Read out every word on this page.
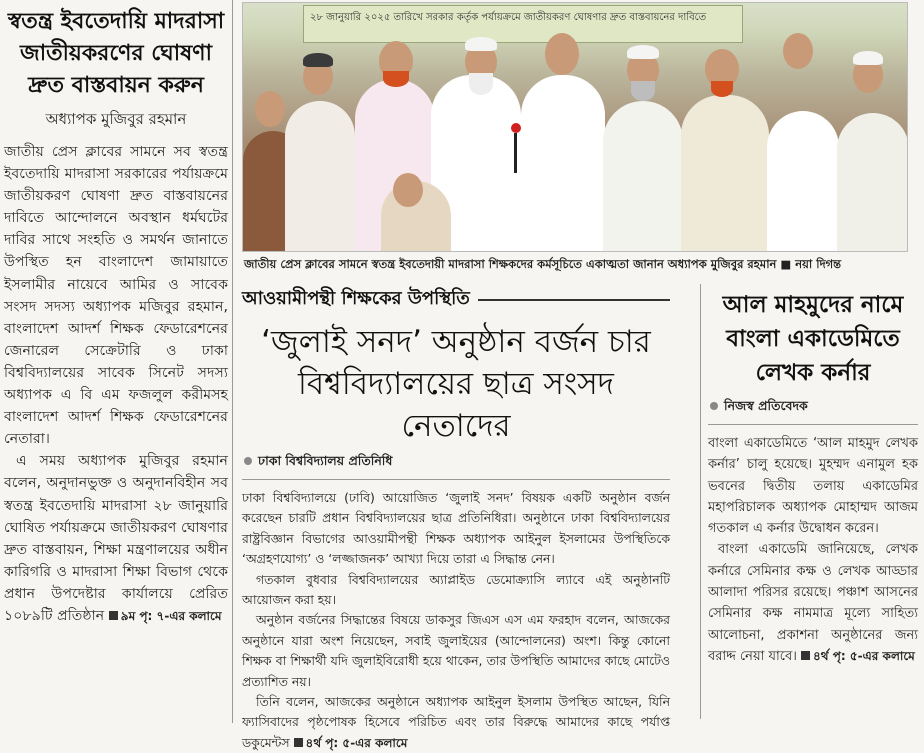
স্বতন্ত্র ইবতেদায়ি মাদরাসা জাতীয়করণের ঘোষণা দ্রুত বাস্তবায়ন করুন
অধ্যাপক মুজিবুর রহমান

জাতীয় প্রেস ক্লাবের সামনে সব স্বতন্ত্র ইবতেদায়ি মাদরাসা সরকারের পর্যায়ক্রমে জাতীয়করণ ঘোষণা দ্রুত বাস্তবায়নের দাবিতে আন্দোলনে অবস্থান ধর্মঘটের দাবির সাথে সংহতি ও সমর্থন জানাতে উপস্থিত হন বাংলাদেশ জামায়াতে ইসলামীর নায়েবে আমির ও সাবেক সংসদ সদস্য অধ্যাপক মজিবুর রহমান, বাংলাদেশ আদর্শ শিক্ষক ফেডারেশনের জেনারেল সেক্রেটারি ও ঢাকা বিশ্ববিদ্যালয়ের সাবেক সিনেট সদস্য অধ্যাপক এ বি এম ফজলুল করীমসহ বাংলাদেশ আদর্শ শিক্ষক ফেডারেশনের নেতারা।

এ সময় অধ্যাপক মুজিবুর রহমান বলেন, অনুদানভুক্ত ও অনুদানবিহীন সব স্বতন্ত্র ইবতেদায়ি মাদরাসা ২৮ জানুয়ারি ঘোষিত পর্যায়ক্রমে জাতীয়করণ ঘোষণার দ্রুত বাস্তবায়ন, শিক্ষা মন্ত্রণালয়ের অধীন কারিগরি ও মাদরাসা শিক্ষা বিভাগ থেকে প্রধান উপদেষ্টার কার্যালয়ে প্রেরিত ১০৮৯টি প্রতিষ্ঠান ৯ম পৃ: ৭-এর কলামে

২৮ জানুয়ারি ২০২৫ তারিখে সরকার কর্তৃক পর্যায়ক্রমে জাতীয়করণ ঘোষণার দ্রুত বাস্তবায়নের দাবিতে
জাতীয় প্রেস ক্লাবের সামনে স্বতন্ত্র ইবতেদায়ী মাদরাসা শিক্ষকদের কর্মসূচিতে একাত্মতা জানান অধ্যাপক মুজিবুর রহমান ■ নয়া দিগন্ত
আওয়ামীপন্থী শিক্ষকের উপস্থিতি
‘জুলাই সনদ’ অনুষ্ঠান বর্জন চার বিশ্ববিদ্যালয়ের ছাত্র সংসদ নেতাদের
ঢাকা বিশ্ববিদ্যালয় প্রতিনিধি

ঢাকা বিশ্ববিদ্যালয়ে (ঢাবি) আয়োজিত ‘জুলাই সনদ’ বিষয়ক একটি অনুষ্ঠান বর্জন করেছেন চারটি প্রধান বিশ্ববিদ্যালয়ের ছাত্র প্রতিনিধিরা। অনুষ্ঠানে ঢাকা বিশ্ববিদ্যালয়ের রাষ্ট্রবিজ্ঞান বিভাগের আওয়ামীপন্থী শিক্ষক অধ্যাপক আইনুল ইসলামের উপস্থিতিকে ‘অগ্রহণযোগ্য’ ও ‘লজ্জাজনক’ আখ্যা দিয়ে তারা এ সিদ্ধান্ত নেন।

গতকাল বুধবার বিশ্ববিদ্যালয়ের অ্যাপ্লাইড ডেমোক্র্যাসি ল্যাবে এই অনুষ্ঠানটি আয়োজন করা হয়।

অনুষ্ঠান বর্জনের সিদ্ধান্তের বিষয়ে ডাকসুর জিএস এস এম ফরহাদ বলেন, আজকের অনুষ্ঠানে যারা অংশ নিয়েছেন, সবাই জুলাইয়ের (আন্দোলনের) অংশ। কিন্তু কোনো শিক্ষক বা শিক্ষার্থী যদি জুলাইবিরোধী হয়ে থাকেন, তার উপস্থিতি আমাদের কাছে মোটেও প্রত্যাশিত নয়।

তিনি বলেন, আজকের অনুষ্ঠানে অধ্যাপক আইনুল ইসলাম উপস্থিত আছেন, যিনি ফ্যাসিবাদের পৃষ্ঠপোষক হিসেবে পরিচিত এবং তার বিরুদ্ধে আমাদের কাছে পর্যাপ্ত ডকুমেন্টস ৪র্থ পৃ: ৫-এর কলামে

আল মাহমুদের নামে বাংলা একাডেমিতে লেখক কর্নার
নিজস্ব প্রতিবেদক

বাংলা একাডেমিতে ‘আল মাহমুদ লেখক কর্নার’ চালু হয়েছে। মুহম্মদ এনামুল হক ভবনের দ্বিতীয় তলায় একাডেমির মহাপরিচালক অধ্যাপক মোহাম্মদ আজম গতকাল এ কর্নার উদ্বোধন করেন।

বাংলা একাডেমি জানিয়েছে, লেখক কর্নারে সেমিনার কক্ষ ও লেখক আড্ডার আলাদা পরিসর রয়েছে। পঞ্চাশ আসনের সেমিনার কক্ষ নামমাত্র মূল্যে সাহিত্য আলোচনা, প্রকাশনা অনুষ্ঠানের জন্য বরাদ্দ নেয়া যাবে। ৪র্থ পৃ: ৫-এর কলামে
